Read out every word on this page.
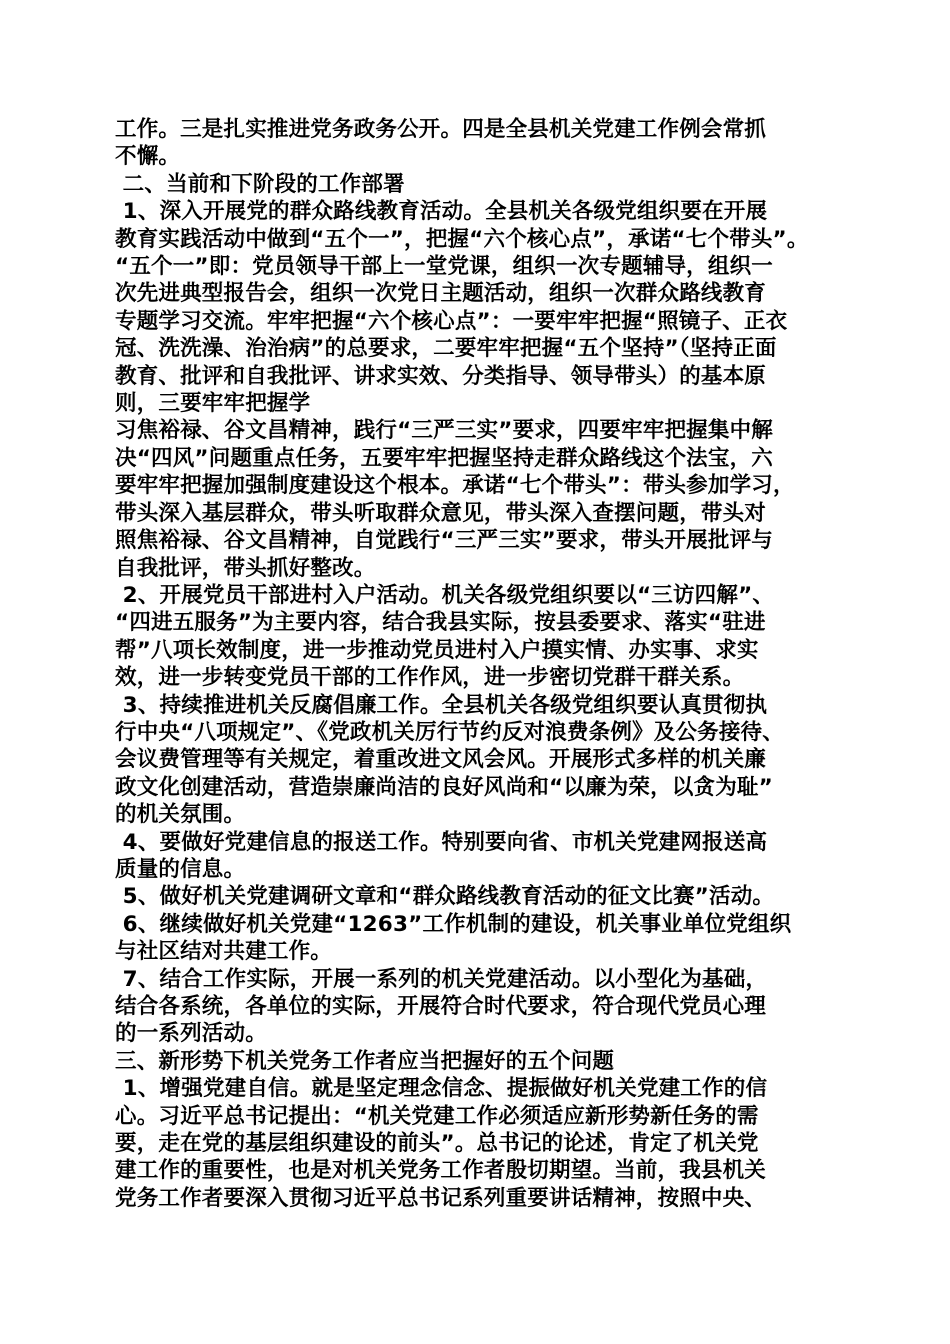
工作。三是扎实推进党务政务公开。四是全县机关党建工作例会常抓
不懈。
二、当前和下阶段的工作部署
1、深入开展党的群众路线教育活动。全县机关各级党组织要在开展
教育实践活动中做到“五个一”，把握“六个核心点”，承诺“七个带头”。
“五个一”即：党员领导干部上一堂党课，组织一次专题辅导，组织一
次先进典型报告会，组织一次党日主题活动，组织一次群众路线教育
专题学习交流。牢牢把握“六个核心点”：一要牢牢把握“照镜子、正衣
冠、洗洗澡、治治病”的总要求，二要牢牢把握“五个坚持”（坚持正面
教育、批评和自我批评、讲求实效、分类指导、领导带头）的基本原
则，三要牢牢把握学
习焦裕禄、谷文昌精神，践行“三严三实”要求，四要牢牢把握集中解
决“四风”问题重点任务，五要牢牢把握坚持走群众路线这个法宝，六
要牢牢把握加强制度建设这个根本。承诺“七个带头”：带头参加学习，
带头深入基层群众，带头听取群众意见，带头深入查摆问题，带头对
照焦裕禄、谷文昌精神，自觉践行“三严三实”要求，带头开展批评与
自我批评，带头抓好整改。
2、开展党员干部进村入户活动。机关各级党组织要以“三访四解”、
“四进五服务”为主要内容，结合我县实际，按县委要求、落实“驻进
帮”八项长效制度，进一步推动党员进村入户摸实情、办实事、求实
效，进一步转变党员干部的工作作风，进一步密切党群干群关系。
3、持续推进机关反腐倡廉工作。全县机关各级党组织要认真贯彻执
行中央“八项规定”、《党政机关厉行节约反对浪费条例》及公务接待、
会议费管理等有关规定，着重改进文风会风。开展形式多样的机关廉
政文化创建活动，营造崇廉尚洁的良好风尚和“以廉为荣，以贪为耻”
的机关氛围。
4、要做好党建信息的报送工作。特别要向省、市机关党建网报送高
质量的信息。
5、做好机关党建调研文章和“群众路线教育活动的征文比赛”活动。
6、继续做好机关党建“1263”工作机制的建设，机关事业单位党组织
与社区结对共建工作。
7、结合工作实际，开展一系列的机关党建活动。以小型化为基础，
结合各系统，各单位的实际，开展符合时代要求，符合现代党员心理
的一系列活动。
三、新形势下机关党务工作者应当把握好的五个问题
1、增强党建自信。就是坚定理念信念、提振做好机关党建工作的信
心。习近平总书记提出：“机关党建工作必须适应新形势新任务的需
要，走在党的基层组织建设的前头”。总书记的论述，肯定了机关党
建工作的重要性，也是对机关党务工作者殷切期望。当前，我县机关
党务工作者要深入贯彻习近平总书记系列重要讲话精神，按照中央、
